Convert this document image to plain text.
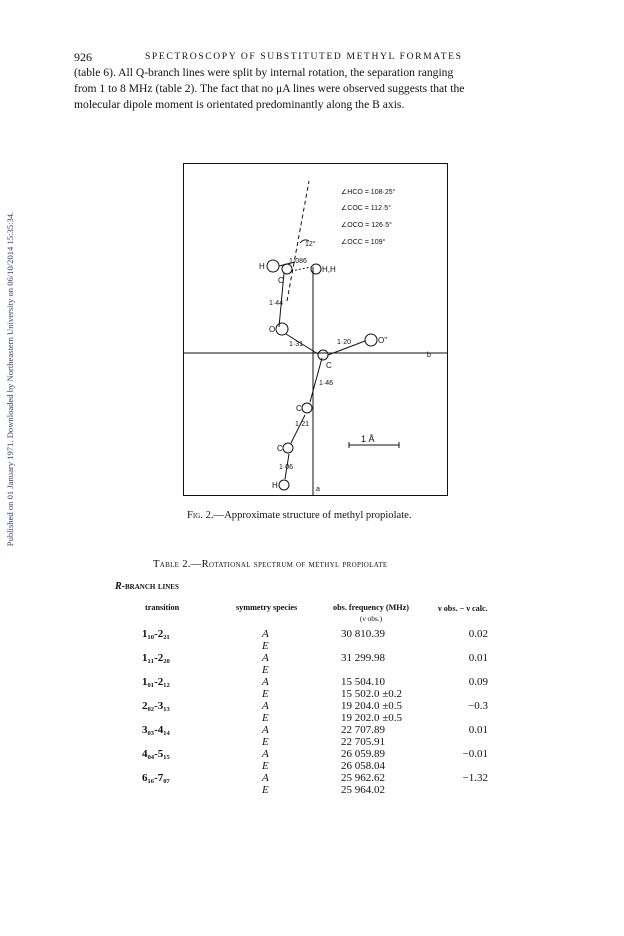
Published on 01 January 1971. Downloaded by Northeastern University on 06/10/2014 15:35:34.
926	SPECTROSCOPY OF SUBSTITUTED METHYL FORMATES

(table 6). All Q-branch lines were split by internal rotation, the separation ranging

from 1 to 8 MHz (table 2). The fact that no μA lines were observed suggests that the

molecular dipole moment is orientated predominantly along the B axis.

∠HCO = 108·25°
∠COC = 112·5°
∠OCO = 126·5°
∠OCC = 109°
12°
1·086
1·44
1·31	1·20
1·46
1·21
1·06
b
a
1 Å
H
C
H,H
O
C
O''
C
C
H
Fig. 2.—Approximate structure of methyl propiolate.
Table 2.—Rotational spectrum of methyl propiolate
R-branch lines
transition	symmetry species	obs. frequency (MHz)
(ν obs.)
ν obs. − ν calc.
1₁₀-2₂₁	A	30 810.39	0.02
E
1₁₁-2₂₀	A	31 299.98	0.01
E
1₀₁-2₁₂	A	15 504.10	0.09
E	15 502.0 ±0.2
2₀₂-3₁₃	A	19 204.0 ±0.5	−0.3
E	19 202.0 ±0.5
3₀₃-4₁₄	A	22 707.89	0.01
E	22 705.91
4₀₄-5₁₅	A	26 059.89	−0.01
E	26 058.04
6₁₆-7₀₇	A	25 962.62	−1.32
E	25 964.02
